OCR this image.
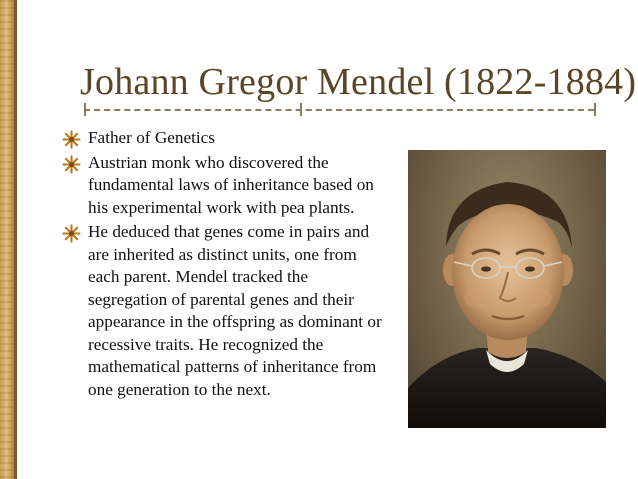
Johann Gregor Mendel (1822-1884)
Father of Genetics
Austrian monk who discovered the fundamental laws of inheritance based on his experimental work with pea plants.
He deduced that genes come in pairs and are inherited as distinct units, one from each parent. Mendel tracked the segregation of parental genes and their appearance in the offspring as dominant or recessive traits. He recognized the mathematical patterns of inheritance from one generation to the next.
